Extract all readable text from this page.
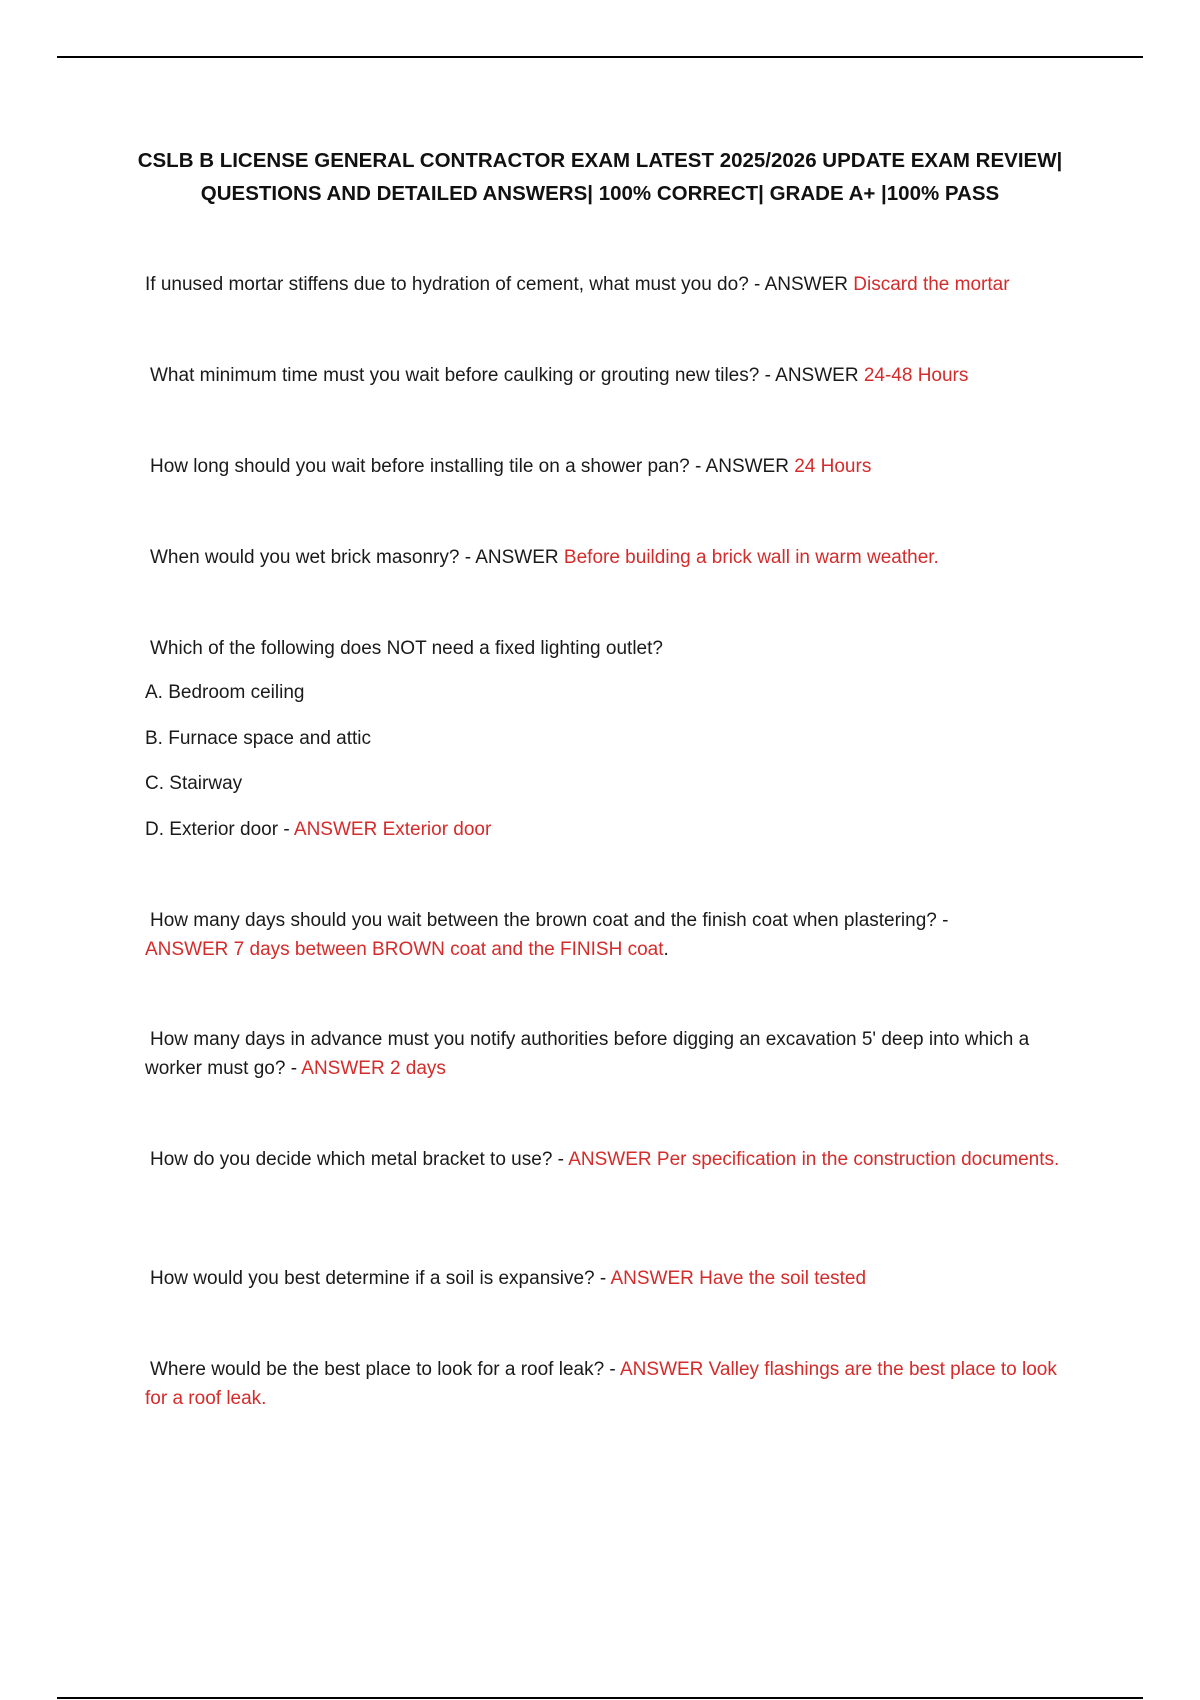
CSLB B LICENSE GENERAL CONTRACTOR EXAM LATEST 2025/2026 UPDATE EXAM REVIEW|
QUESTIONS AND DETAILED ANSWERS| 100% CORRECT| GRADE A+ |100% PASS
If unused mortar stiffens due to hydration of cement, what must you do? - ANSWER Discard the mortar
What minimum time must you wait before caulking or grouting new tiles? - ANSWER 24-48 Hours
How long should you wait before installing tile on a shower pan? - ANSWER 24 Hours
When would you wet brick masonry? - ANSWER Before building a brick wall in warm weather.
Which of the following does NOT need a fixed lighting outlet?
A. Bedroom ceiling
B. Furnace space and attic
C. Stairway
D. Exterior door - ANSWER Exterior door
How many days should you wait between the brown coat and the finish coat when plastering? -
ANSWER 7 days between BROWN coat and the FINISH coat.
How many days in advance must you notify authorities before digging an excavation 5' deep into which a worker must go? - ANSWER 2 days
How do you decide which metal bracket to use? - ANSWER Per specification in the construction documents.
How would you best determine if a soil is expansive? - ANSWER Have the soil tested
Where would be the best place to look for a roof leak? - ANSWER Valley flashings are the best place to look for a roof leak.
